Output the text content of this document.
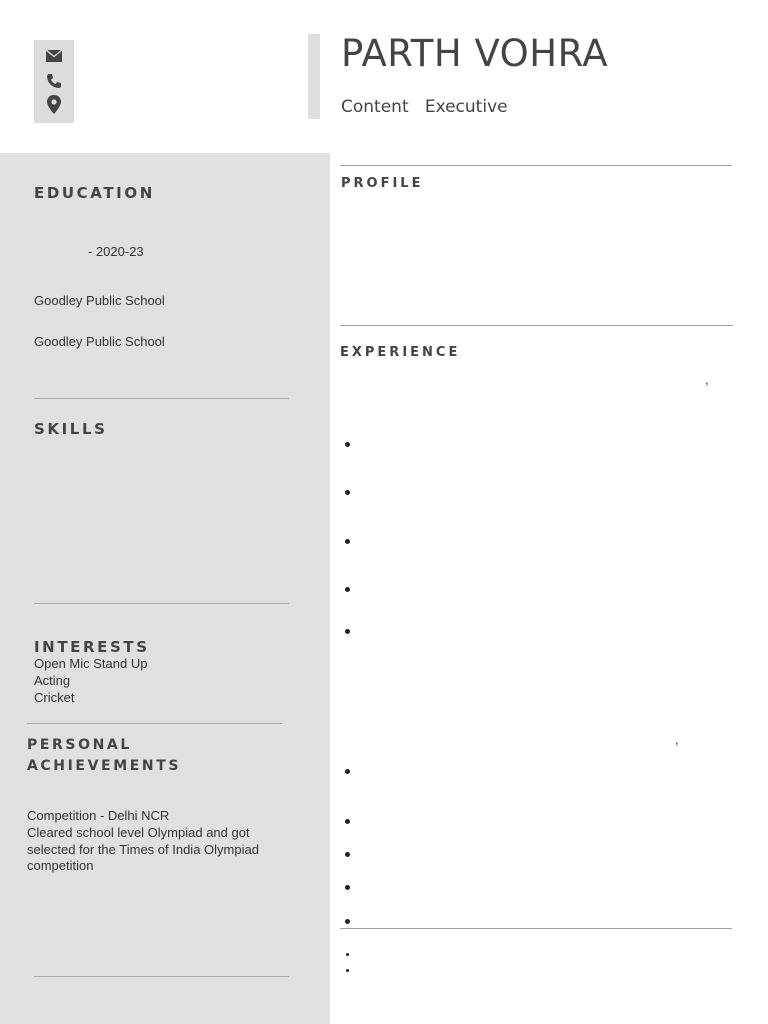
PARTH VOHRA
Content   Executive
EDUCATION
- 2020-23
Goodley Public School
Goodley Public School
SKILLS
INTERESTS
Open Mic Stand Up
Acting
Cricket
PERSONAL
ACHIEVEMENTS
Competition - Delhi NCR
Cleared school level Olympiad and got
selected for the Times of India Olympiad
competition
PROFILE
EXPERIENCE
,
,
